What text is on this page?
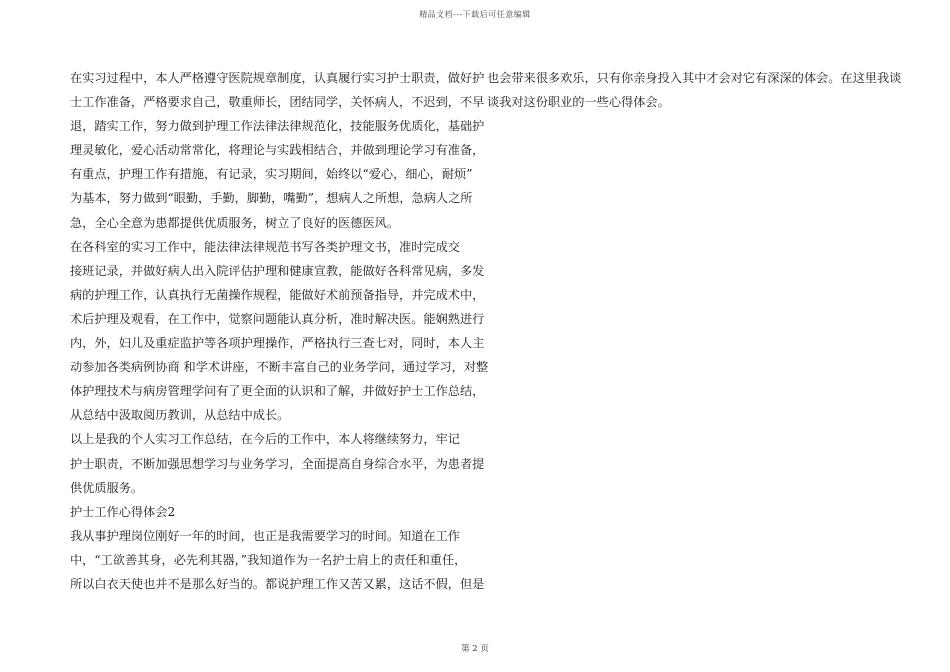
精品文档---下载后可任意编辑
在实习过程中，本人严格遵守医院规章制度，认真履行实习护士职责，做好护
士工作准备，严格要求自己，敬重师长，团结同学，关怀病人，不迟到，不早
退，踏实工作，努力做到护理工作法律法律规范化，技能服务优质化，基础护
理灵敏化，爱心活动常常化，将理论与实践相结合，并做到理论学习有准备，
有重点，护理工作有措施，有记录，实习期间，始终以“爱心，细心，耐烦”
为基本，努力做到“眼勤，手勤，脚勤，嘴勤”，想病人之所想，急病人之所
急，全心全意为患都提供优质服务，树立了良好的医德医风。
在各科室的实习工作中，能法律法律规范书写各类护理文书，准时完成交
接班记录，并做好病人出入院评估护理和健康宣教，能做好各科常见病，多发
病的护理工作，认真执行无菌操作规程，能做好术前预备指导，并完成术中，
术后护理及观看，在工作中，觉察问题能认真分析，准时解决医。能娴熟进行
内，外，妇儿及重症监护等各项护理操作，严格执行三查七对，同时，本人主
动参加各类病例协商 和学术讲座，不断丰富自己的业务学问，通过学习，对整
体护理技术与病房管理学问有了更全面的认识和了解，并做好护士工作总结，
从总结中汲取阅历教训，从总结中成长。
以上是我的个人实习工作总结，在今后的工作中，本人将继续努力，牢记
护士职责，不断加强思想学习与业务学习，全面提高自身综合水平，为患者提
供优质服务。
护士工作心得体会2
我从事护理岗位刚好一年的时间，也正是我需要学习的时间。知道在工作
中，“工欲善其身，必先利其器，”我知道作为一名护士肩上的责任和重任，
所以白衣天使也并不是那么好当的。都说护理工作又苦又累，这话不假，但是
也会带来很多欢乐，只有你亲身投入其中才会对它有深深的体会。在这里我谈
谈我对这份职业的一些心得体会。
第 2 页
